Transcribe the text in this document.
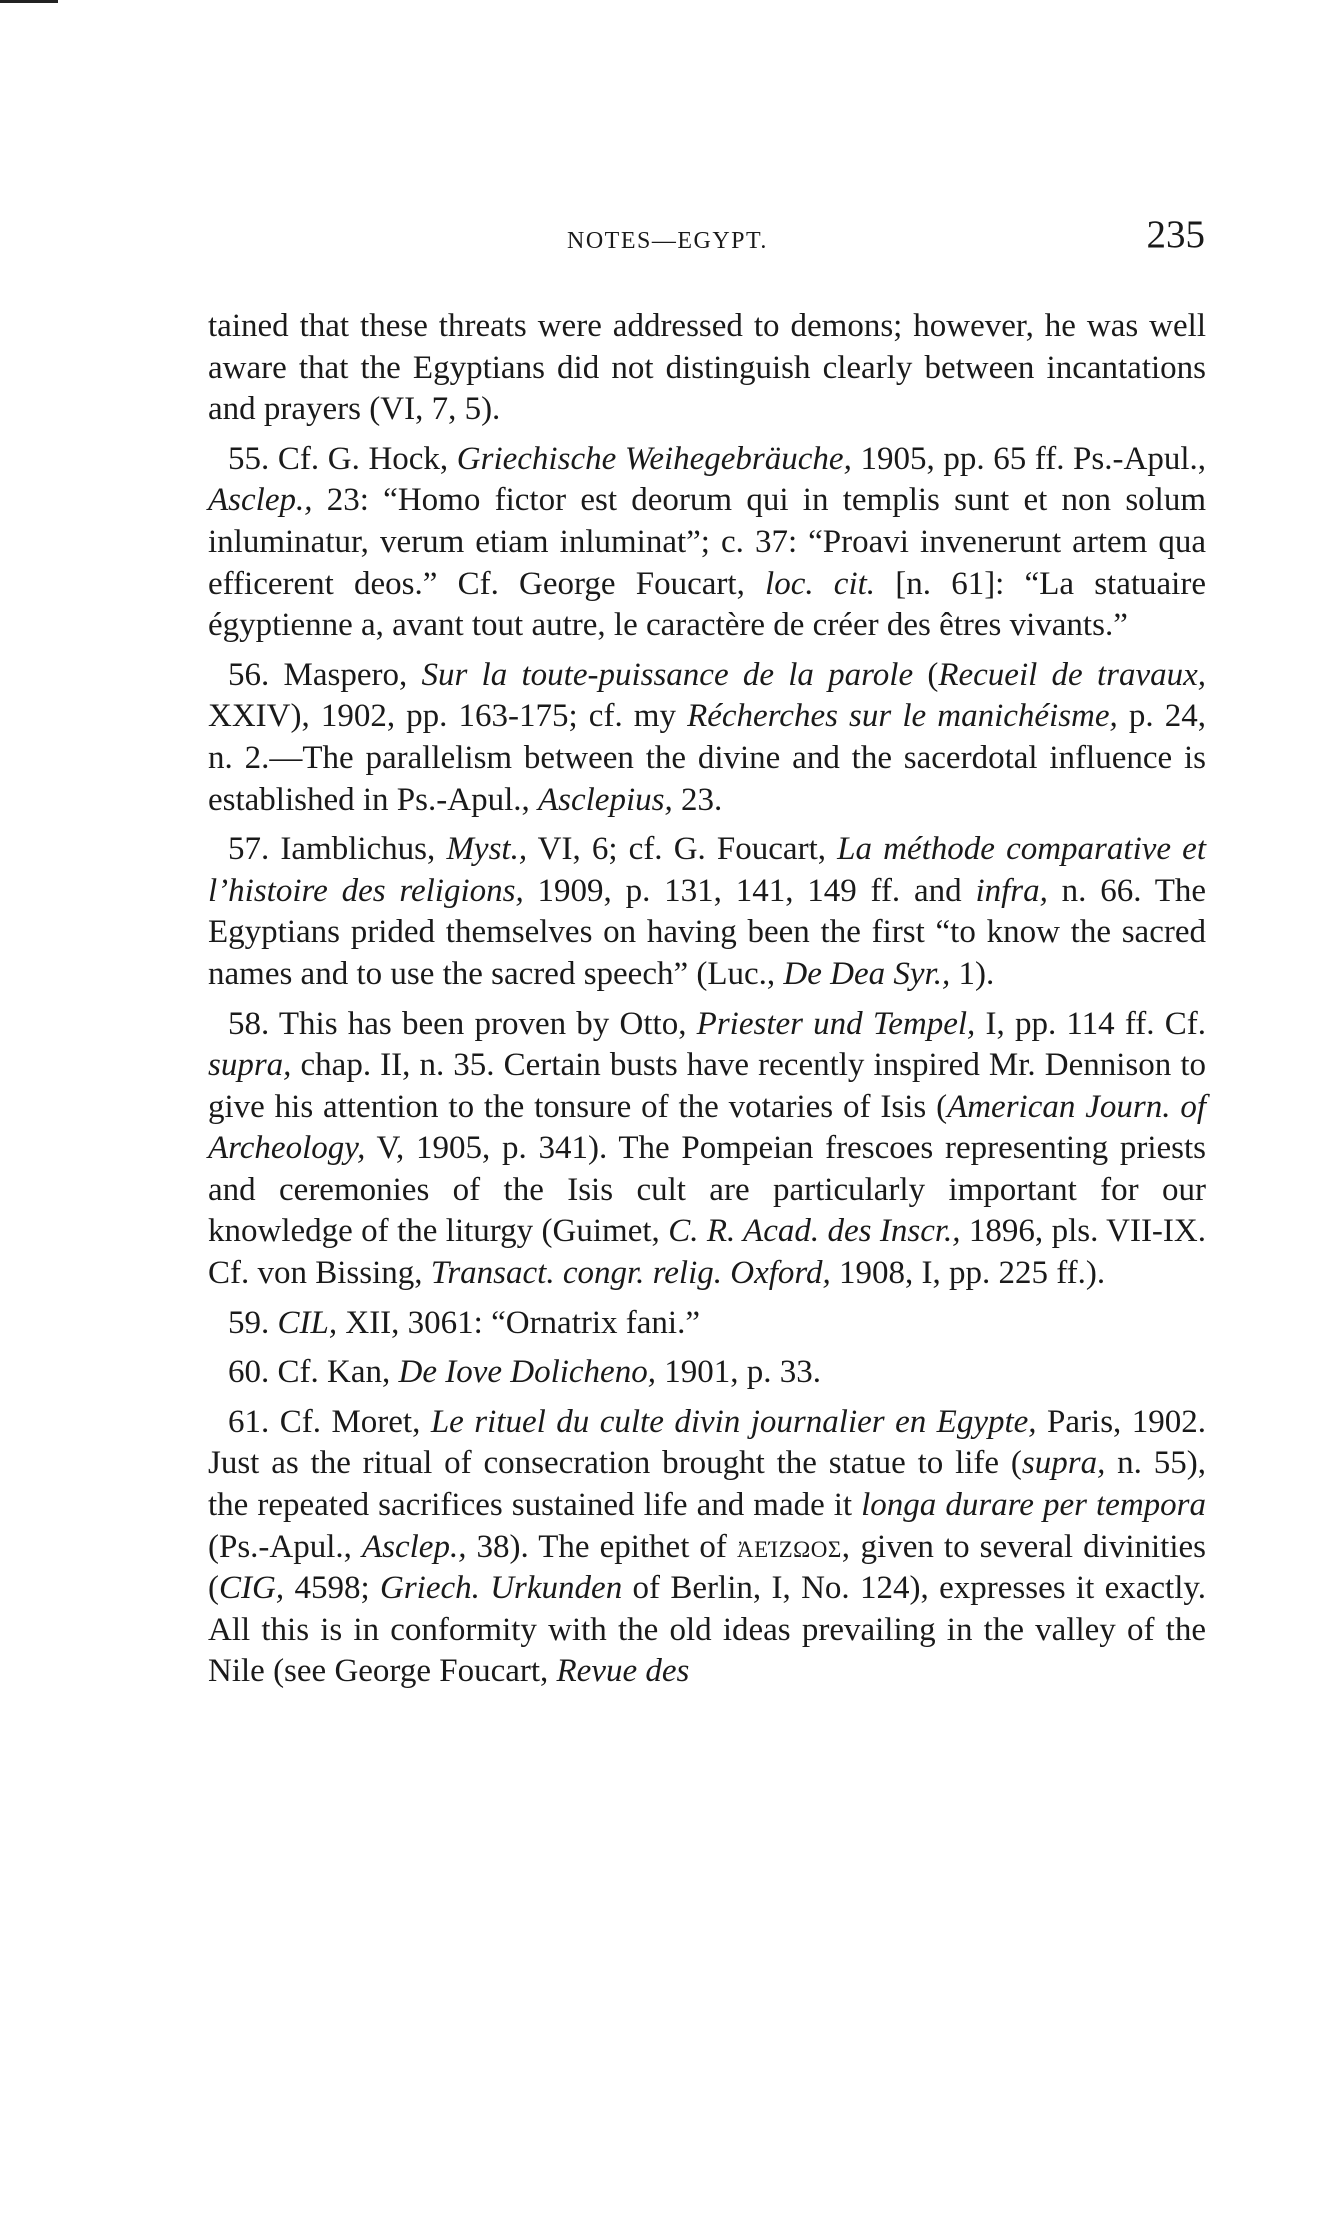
NOTES—EGYPT.	235

tained that these threats were addressed to demons; however, he was well aware that the Egyptians did not distinguish clearly between incantations and prayers (VI, 7, 5).

55. Cf. G. Hock, Griechische Weihegebräuche, 1905, pp. 65 ff. Ps.-Apul., Asclep., 23: “Homo fictor est deorum qui in templis sunt et non solum inluminatur, verum etiam inluminat”; c. 37: “Proavi invenerunt artem qua efficerent deos.” Cf. George Foucart, loc. cit. [n. 61]: “La statuaire égyptienne a, avant tout autre, le caractère de créer des êtres vivants.”

56. Maspero, Sur la toute-puissance de la parole (Recueil de travaux, XXIV), 1902, pp. 163-175; cf. my Récherches sur le manichéisme, p. 24, n. 2.—The parallelism between the divine and the sacerdotal influence is established in Ps.-Apul., Asclepius, 23.

57. Iamblichus, Myst., VI, 6; cf. G. Foucart, La méthode comparative et l’histoire des religions, 1909, p. 131, 141, 149 ff. and infra, n. 66. The Egyptians prided themselves on having been the first “to know the sacred names and to use the sacred speech” (Luc., De Dea Syr., 1).

58. This has been proven by Otto, Priester und Tempel, I, pp. 114 ff. Cf. supra, chap. II, n. 35. Certain busts have recently inspired Mr. Dennison to give his attention to the tonsure of the votaries of Isis (American Journ. of Archeology, V, 1905, p. 341). The Pompeian frescoes representing priests and ceremonies of the Isis cult are particularly important for our knowledge of the liturgy (Guimet, C. R. Acad. des Inscr., 1896, pls. VII-IX. Cf. von Bissing, Transact. congr. relig. Oxford, 1908, I, pp. 225 ff.).

59. CIL, XII, 3061: “Ornatrix fani.”

60. Cf. Kan, De Iove Dolicheno, 1901, p. 33.

61. Cf. Moret, Le rituel du culte divin journalier en Egypte, Paris, 1902. Just as the ritual of consecration brought the statue to life (supra, n. 55), the repeated sacrifices sustained life and made it longa durare per tempora (Ps.-Apul., Asclep., 38). The epithet of ἀείζωος, given to several divinities (CIG, 4598; Griech. Urkunden of Berlin, I, No. 124), expresses it exactly. All this is in conformity with the old ideas prevailing in the valley of the Nile (see George Foucart, Revue des
